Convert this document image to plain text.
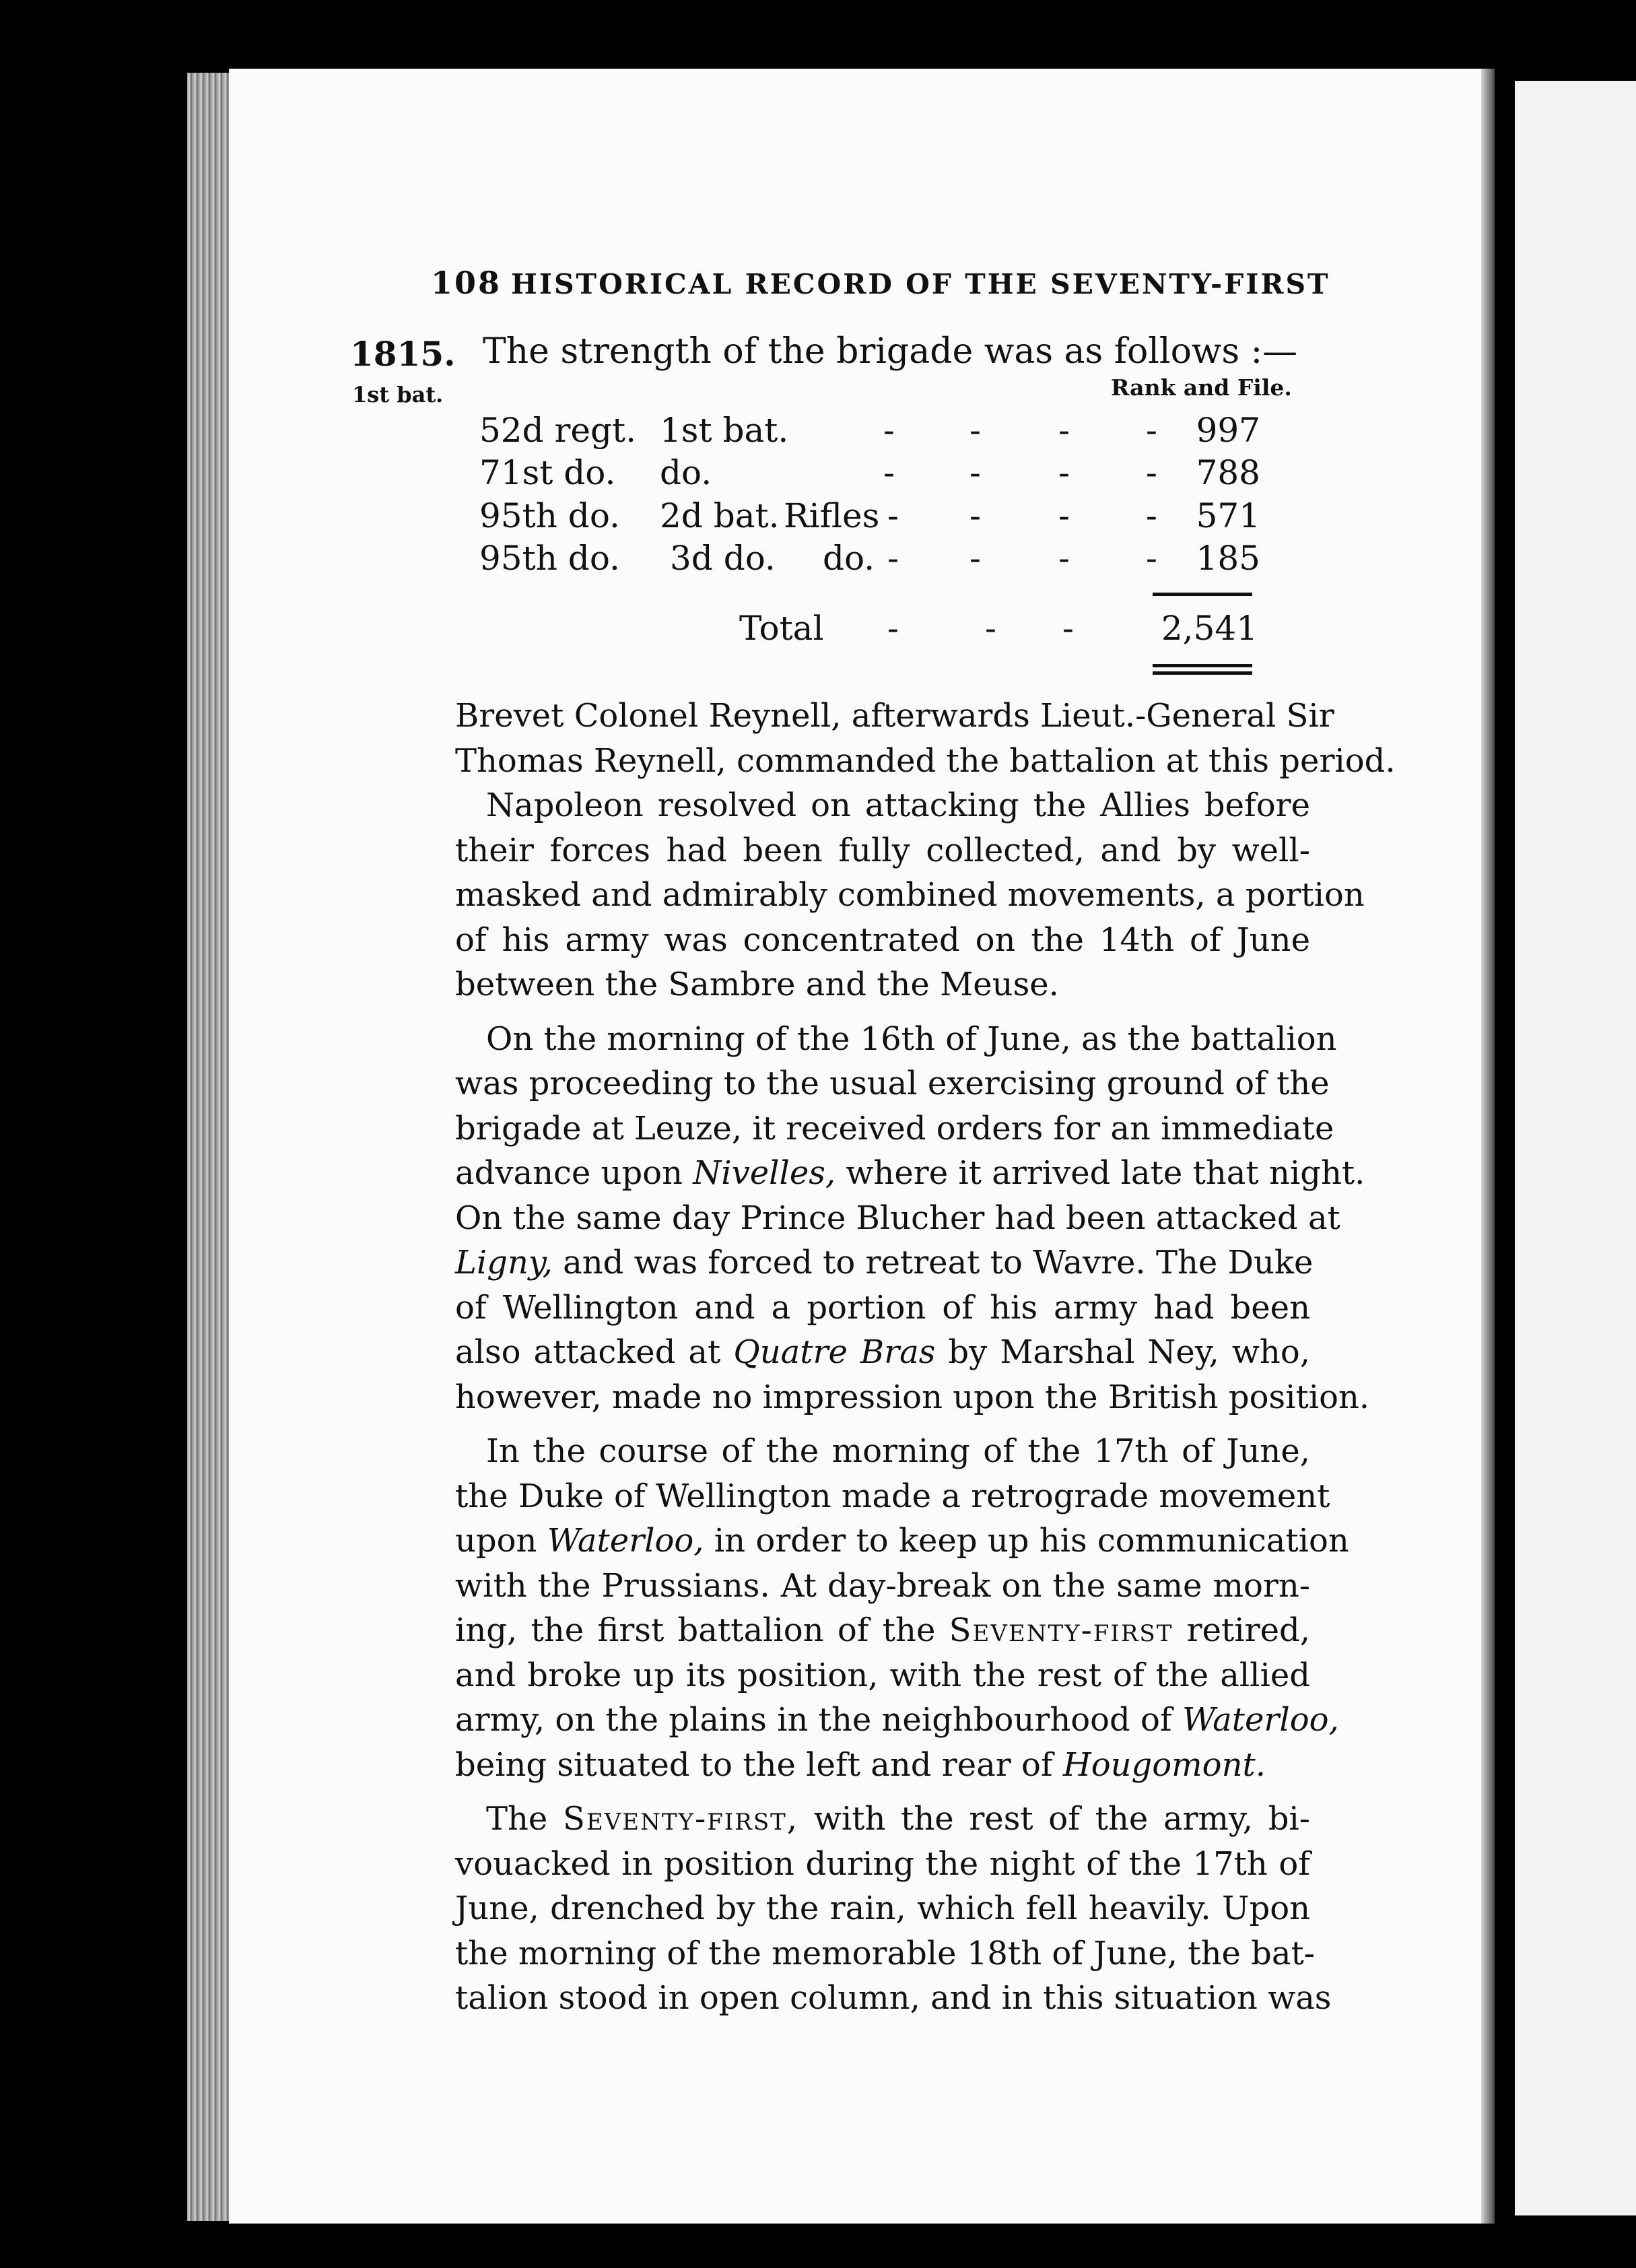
108 HISTORICAL RECORD OF THE SEVENTY-FIRST
1815.
1st bat.
The strength of the brigade was as follows :—
Rank and File.
52d regt. 1st bat.	- - - - 997
71st do. do.	- - - - 788
95th do. 2d bat. Rifles - - - - 571
95th do. 3d do. do. - - - - 185
Total -	- -	2,541

Brevet Colonel Reynell, afterwards Lieut.-General Sir

Thomas Reynell, commanded the battalion at this period.

Napoleon resolved on attacking the Allies before

their forces had been fully collected, and by well-

masked and admirably combined movements, a portion

of his army was concentrated on the 14th of June

between the Sambre and the Meuse.

On the morning of the 16th of June, as the battalion

was proceeding to the usual exercising ground of the

brigade at Leuze, it received orders for an immediate

advance upon Nivelles, where it arrived late that night.

On the same day Prince Blucher had been attacked at

Ligny, and was forced to retreat to Wavre. The Duke

of Wellington and a portion of his army had been

also attacked at Quatre Bras by Marshal Ney, who,

however, made no impression upon the British position.

In the course of the morning of the 17th of June,

the Duke of Wellington made a retrograde movement

upon Waterloo, in order to keep up his communication

with the Prussians. At day-break on the same morn-

ing, the first battalion of the Seventy-first retired,

and broke up its position, with the rest of the allied

army, on the plains in the neighbourhood of Waterloo,

being situated to the left and rear of Hougomont.

The Seventy-first, with the rest of the army, bi-

vouacked in position during the night of the 17th of

June, drenched by the rain, which fell heavily. Upon

the morning of the memorable 18th of June, the bat-

talion stood in open column, and in this situation was
